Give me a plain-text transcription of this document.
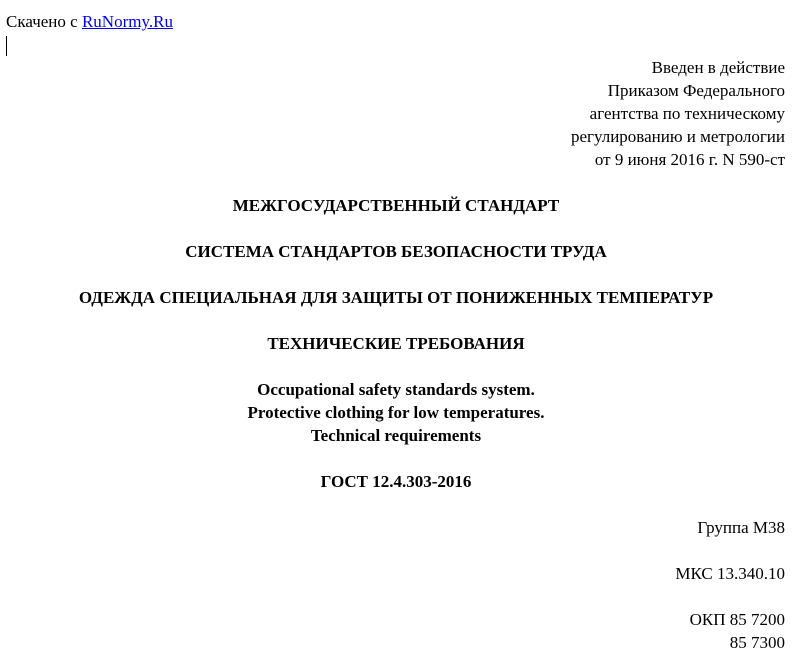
Скачено с RuNormy.Ru
Введен в действие
Приказом Федерального
агентства по техническому
регулированию и метрологии
от 9 июня 2016 г. N 590-ст
МЕЖГОСУДАРСТВЕННЫЙ СТАНДАРТ
СИСТЕМА СТАНДАРТОВ БЕЗОПАСНОСТИ ТРУДА
ОДЕЖДА СПЕЦИАЛЬНАЯ ДЛЯ ЗАЩИТЫ ОТ ПОНИЖЕННЫХ ТЕМПЕРАТУР
ТЕХНИЧЕСКИЕ ТРЕБОВАНИЯ
Occupational safety standards system.
Protective clothing for low temperatures.
Technical requirements
ГОСТ 12.4.303-2016
Группа М38
МКС 13.340.10
ОКП 85 7200
85 7300
